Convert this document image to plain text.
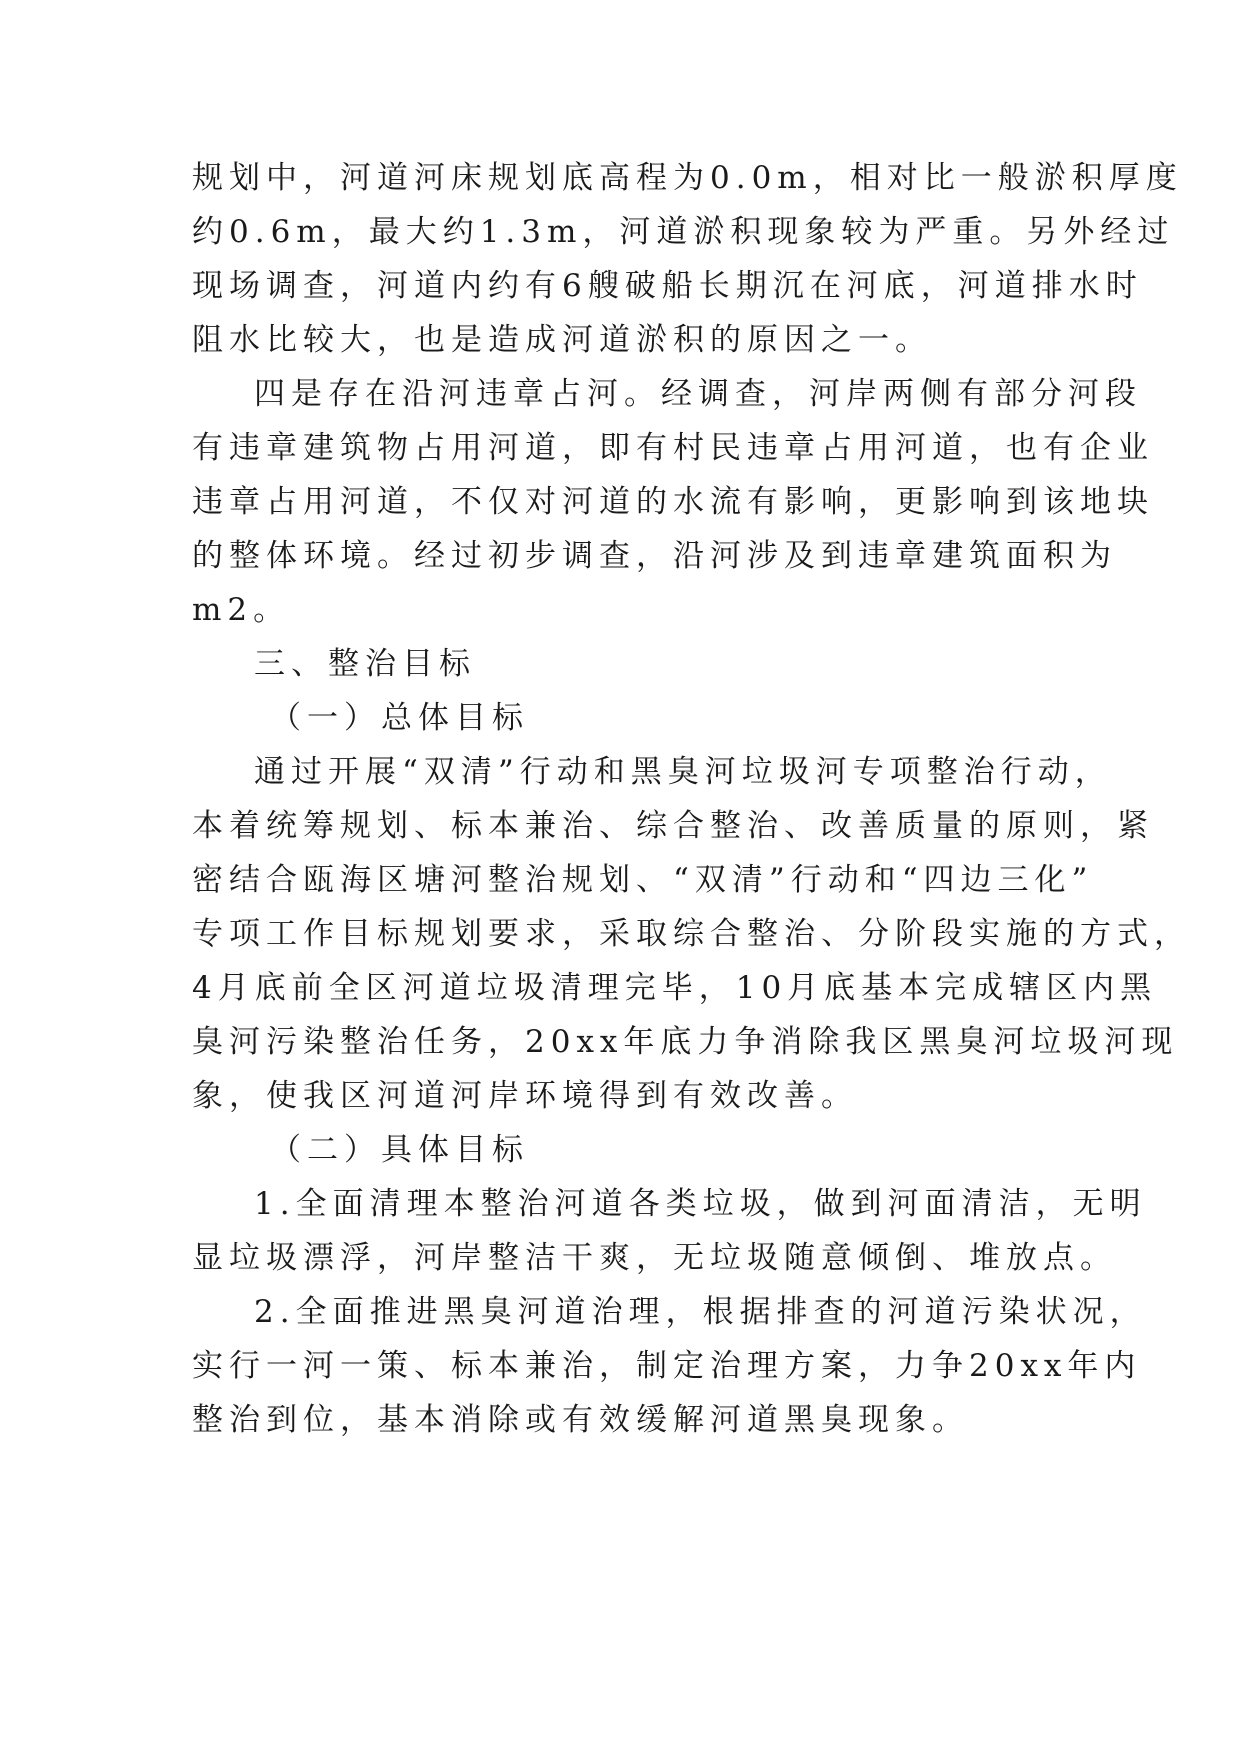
规划中，河道河床规划底高程为0.0m，相对比一般淤积厚度
约0.6m，最大约1.3m，河道淤积现象较为严重。另外经过
现场调查，河道内约有6艘破船长期沉在河底，河道排水时
阻水比较大，也是造成河道淤积的原因之一。
四是存在沿河违章占河。经调查，河岸两侧有部分河段
有违章建筑物占用河道，即有村民违章占用河道，也有企业
违章占用河道，不仅对河道的水流有影响，更影响到该地块
的整体环境。经过初步调查，沿河涉及到违章建筑面积为
m2。
三、整治目标
（一）总体目标
通过开展“双清”行动和黑臭河垃圾河专项整治行动，
本着统筹规划、标本兼治、综合整治、改善质量的原则，紧
密结合瓯海区塘河整治规划、“双清”行动和“四边三化”
专项工作目标规划要求，采取综合整治、分阶段实施的方式，
4月底前全区河道垃圾清理完毕，10月底基本完成辖区内黑
臭河污染整治任务，20xx年底力争消除我区黑臭河垃圾河现
象，使我区河道河岸环境得到有效改善。
（二）具体目标
1.全面清理本整治河道各类垃圾，做到河面清洁，无明
显垃圾漂浮，河岸整洁干爽，无垃圾随意倾倒、堆放点。
2.全面推进黑臭河道治理，根据排查的河道污染状况，
实行一河一策、标本兼治，制定治理方案，力争20xx年内
整治到位，基本消除或有效缓解河道黑臭现象。
